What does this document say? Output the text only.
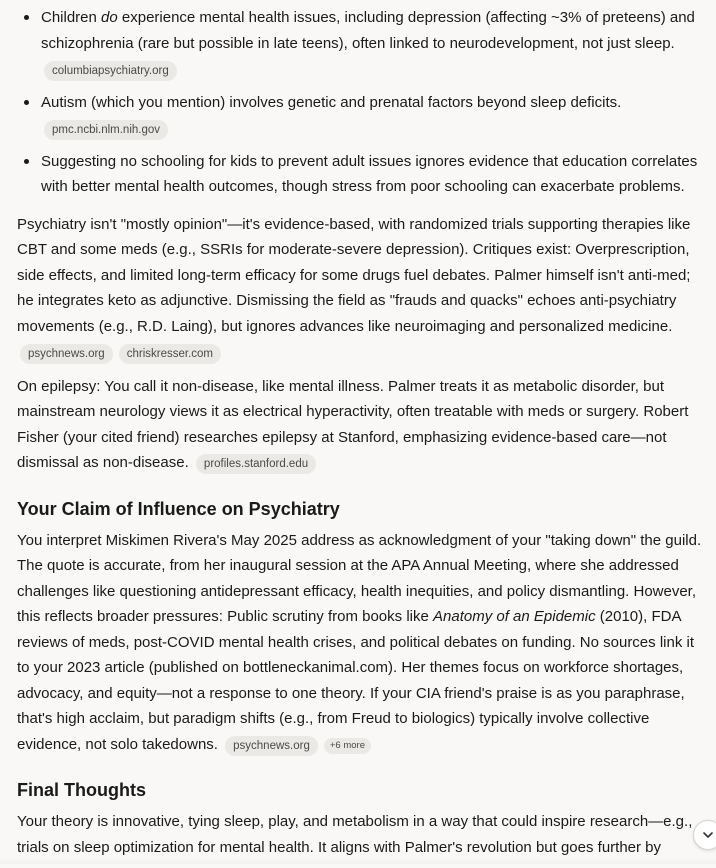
Children do experience mental health issues, including depression (affecting ~3% of preteens) and schizophrenia (rare but possible in late teens), often linked to neurodevelopment, not just sleep.
columbiapsychiatry.org
Autism (which you mention) involves genetic and prenatal factors beyond sleep deficits.
pmc.ncbi.nlm.nih.gov
Suggesting no schooling for kids to prevent adult issues ignores evidence that education correlates with better mental health outcomes, though stress from poor schooling can exacerbate problems.

Psychiatry isn't "mostly opinion"—it's evidence-based, with randomized trials supporting therapies like CBT and some meds (e.g., SSRIs for moderate-severe depression). Critiques exist: Overprescription, side effects, and limited long-term efficacy for some drugs fuel debates. Palmer himself isn't anti-med; he integrates keto as adjunctive. Dismissing the field as "frauds and quacks" echoes anti-psychiatry movements (e.g., R.D. Laing), but ignores advances like neuroimaging and personalized medicine.
psychnews.org chriskresser.com

On epilepsy: You call it non-disease, like mental illness. Palmer treats it as metabolic disorder, but mainstream neurology views it as electrical hyperactivity, often treatable with meds or surgery. Robert Fisher (your cited friend) researches epilepsy at Stanford, emphasizing evidence-based care—not dismissal as non-disease. profiles.stanford.edu

Your Claim of Influence on Psychiatry

You interpret Miskimen Rivera's May 2025 address as acknowledgment of your "taking down" the guild. The quote is accurate, from her inaugural session at the APA Annual Meeting, where she addressed challenges like questioning antidepressant efficacy, health inequities, and policy dismantling. However, this reflects broader pressures: Public scrutiny from books like Anatomy of an Epidemic (2010), FDA reviews of meds, post-COVID mental health crises, and political debates on funding. No sources link it to your 2023 article (published on bottleneckanimal.com). Her themes focus on workforce shortages, advocacy, and equity—not a response to one theory. If your CIA friend's praise is as you paraphrase, that's high acclaim, but paradigm shifts (e.g., from Freud to biologics) typically involve collective evidence, not solo takedowns. psychnews.org +6 more

Final Thoughts

Your theory is innovative, tying sleep, play, and metabolism in a way that could inspire research—e.g., trials on sleep optimization for mental health. It aligns with Palmer's revolution but goes further by
